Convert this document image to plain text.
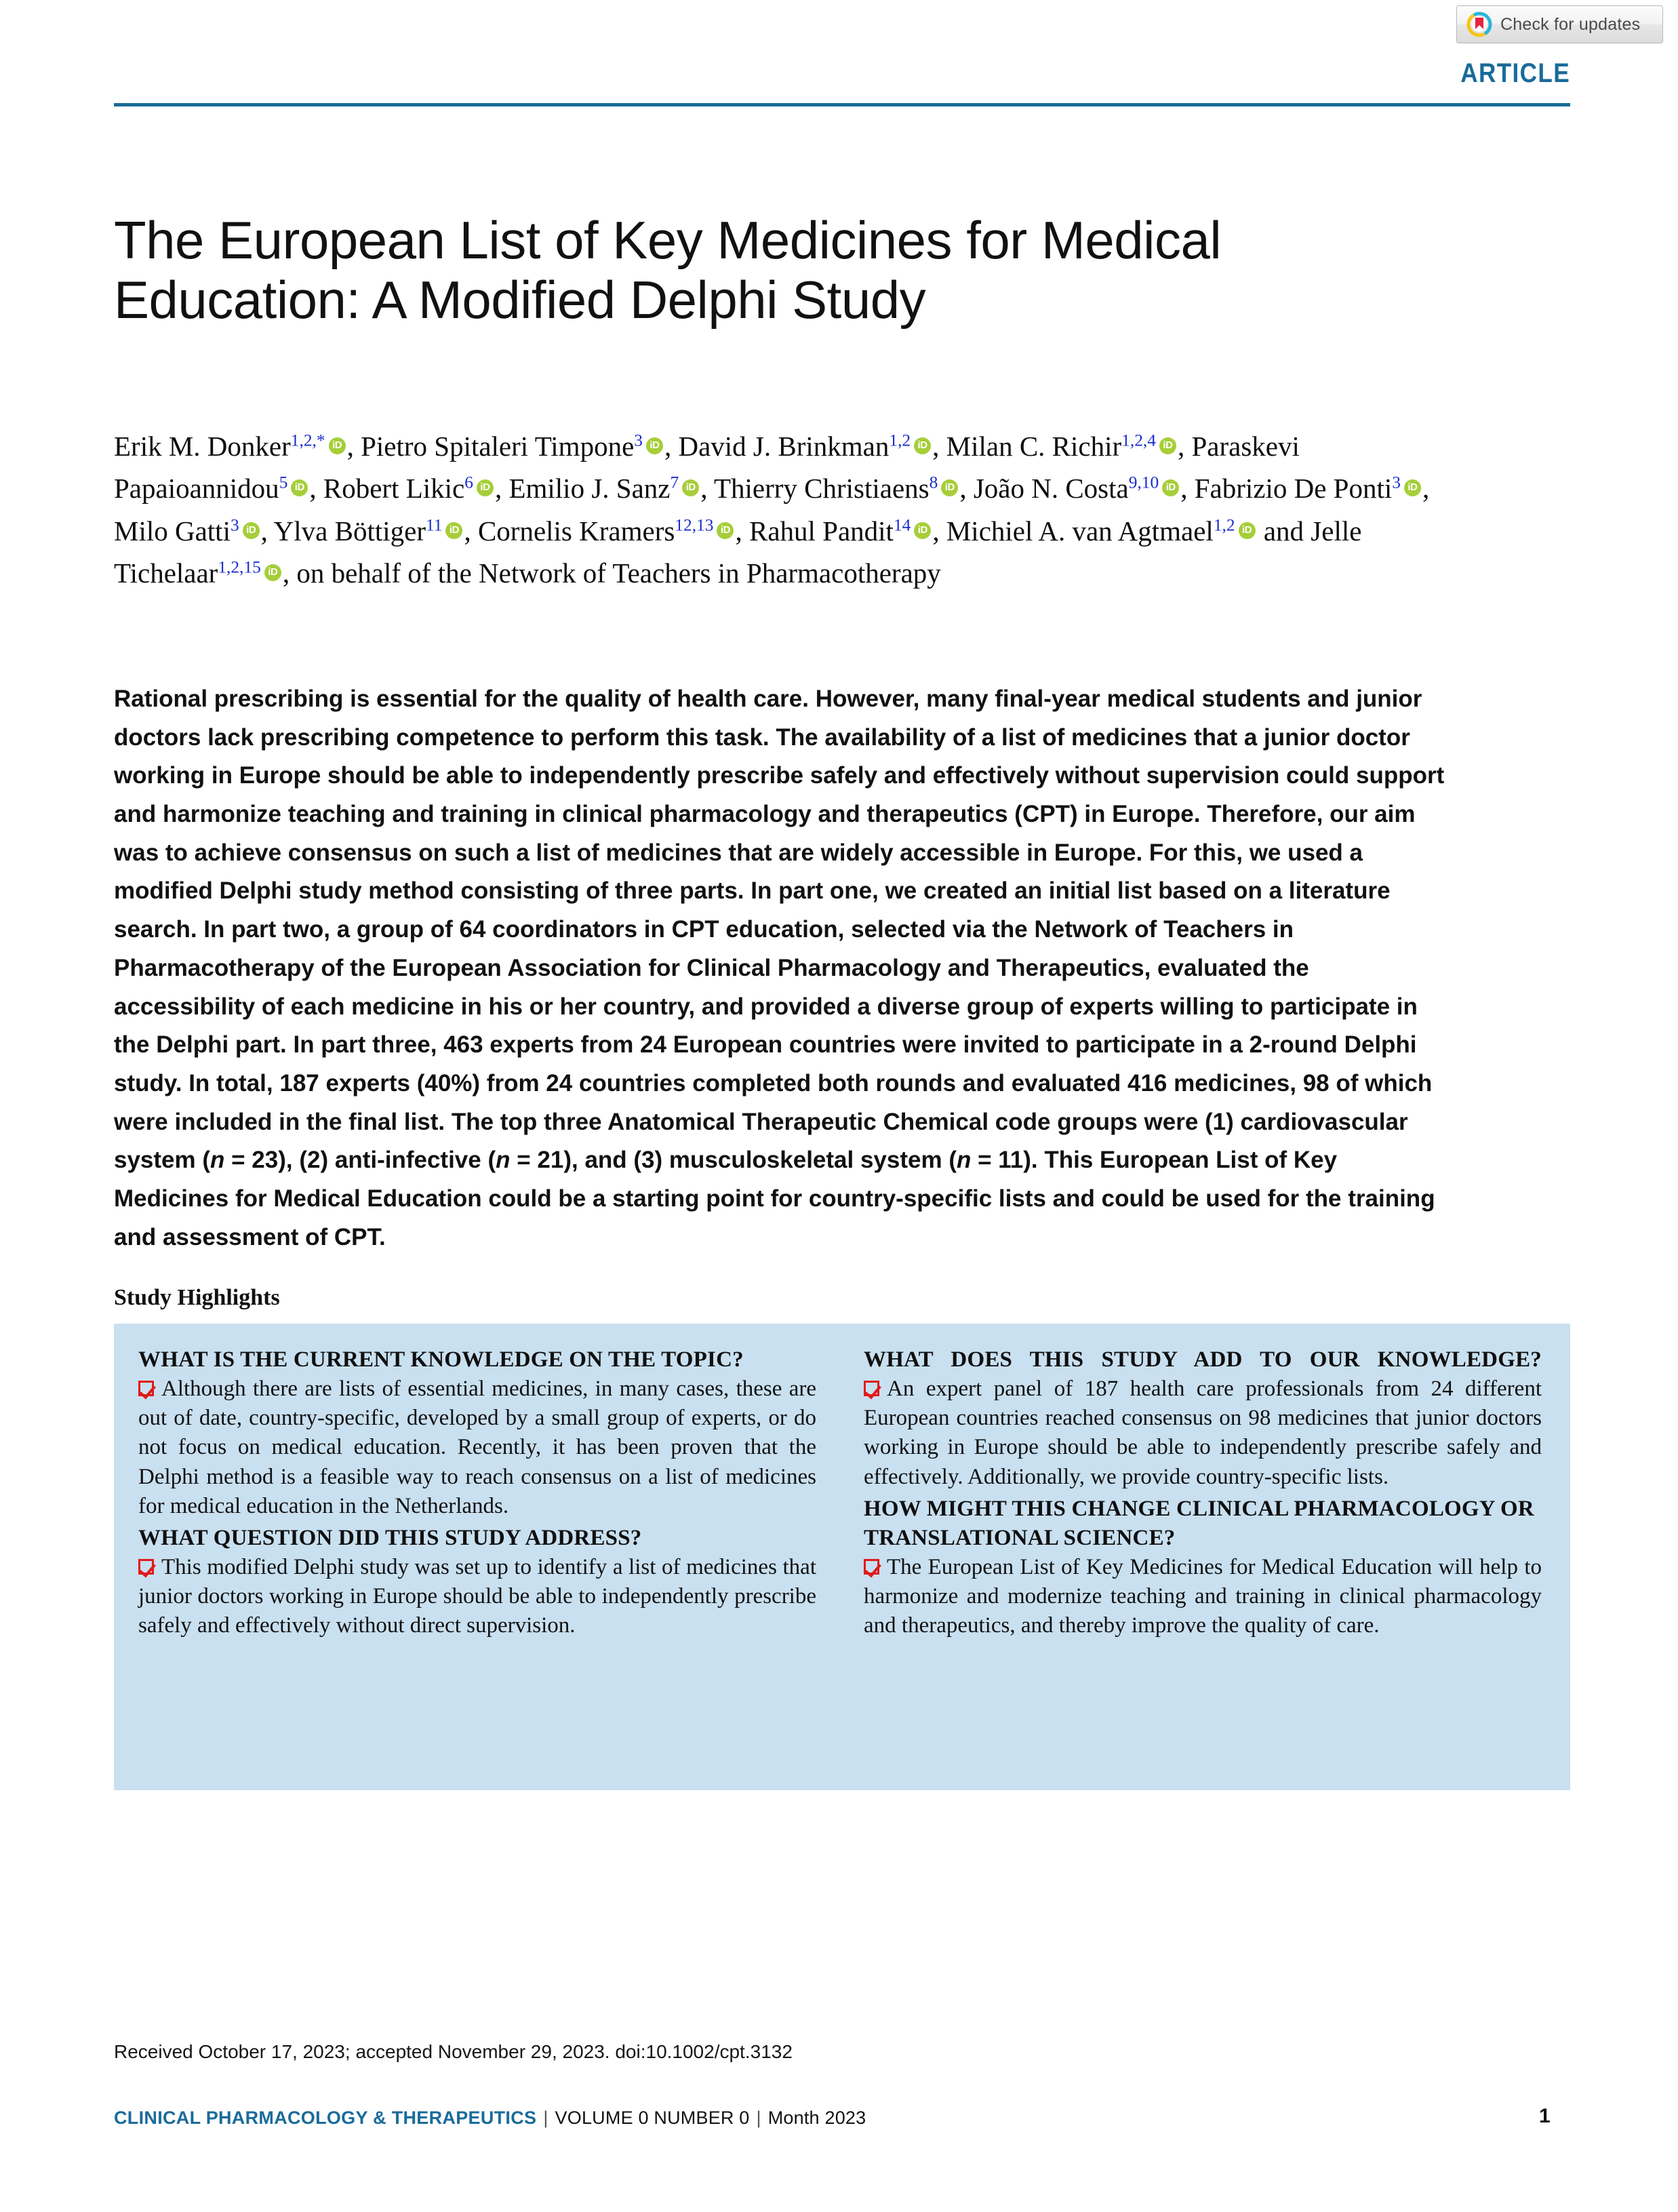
Check for updates
ARTICLE
The European List of Key Medicines for Medical Education: A Modified Delphi Study
Erik M. Donker$^{1,2,*}$ iD , Pietro Spitaleri Timpone$^3$ iD , David J. Brinkman$^{1,2}$ iD , Milan C. Richir$^{1,2,4}$ iD , Paraskevi Papaioannidou$^5$ iD , Robert Likic$^6$ iD , Emilio J. Sanz$^7$ iD , Thierry Christiaens$^8$ iD , João N. Costa$^{9,10}$ iD , Fabrizio De Ponti$^3$ iD , Milo Gatti$^3$ iD , Ylva Böttiger$^{11}$ iD , Cornelis Kramers$^{12,13}$ iD , Rahul Pandit$^{14}$ iD , Michiel A. van Agtmael$^{1,2}$iD and Jelle Tichelaar$^{1,2,15}$ iD , on behalf of the Network of Teachers in Pharmacotherapy
Rational prescribing is essential for the quality of health care. However, many final-year medical students and junior doctors lack prescribing competence to perform this task. The availability of a list of medicines that a junior doctor working in Europe should be able to independently prescribe safely and effectively without supervision could support and harmonize teaching and training in clinical pharmacology and therapeutics (CPT) in Europe. Therefore, our aim was to achieve consensus on such a list of medicines that are widely accessible in Europe. For this, we used a modified Delphi study method consisting of three parts. In part one, we created an initial list based on a literature search. In part two, a group of 64 coordinators in CPT education, selected via the Network of Teachers in Pharmacotherapy of the European Association for Clinical Pharmacology and Therapeutics, evaluated the accessibility of each medicine in his or her country, and provided a diverse group of experts willing to participate in the Delphi part. In part three, 463 experts from 24 European countries were invited to participate in a 2-round Delphi study. In total, 187 experts (40%) from 24 countries completed both rounds and evaluated 416 medicines, 98 of which were included in the final list. The top three Anatomical Therapeutic Chemical code groups were (1) cardiovascular system (n = 23), (2) anti-infective (n = 21), and (3) musculoskeletal system (n = 11). This European List of Key Medicines for Medical Education could be a starting point for country-specific lists and could be used for the training and assessment of CPT.
Study Highlights
WHAT IS THE CURRENT KNOWLEDGE ON THE TOPIC?

Although there are lists of essential medicines, in many cases, these are out of date, country-specific, developed by a small group of experts, or do not focus on medical education. Recently, it has been proven that the Delphi method is a feasible way to reach consensus on a list of medicines for medical education in the Netherlands.

WHAT QUESTION DID THIS STUDY ADDRESS?

This modified Delphi study was set up to identify a list of medicines that junior doctors working in Europe should be able to independently prescribe safely and effectively without direct supervision.

WHAT DOES THIS STUDY ADD TO OUR KNOWLEDGE?

An expert panel of 187 health care professionals from 24 different European countries reached consensus on 98 medicines that junior doctors working in Europe should be able to independently prescribe safely and effectively. Additionally, we provide country-specific lists.

HOW MIGHT THIS CHANGE CLINICAL PHARMACOLOGY OR TRANSLATIONAL SCIENCE?

The European List of Key Medicines for Medical Education will help to harmonize and modernize teaching and training in clinical pharmacology and therapeutics, and thereby improve the quality of care.

Received October 17, 2023; accepted November 29, 2023. doi:10.1002/cpt.3132
CLINICAL PHARMACOLOGY & THERAPEUTICS | VOLUME 0 NUMBER 0 | Month 2023	1
